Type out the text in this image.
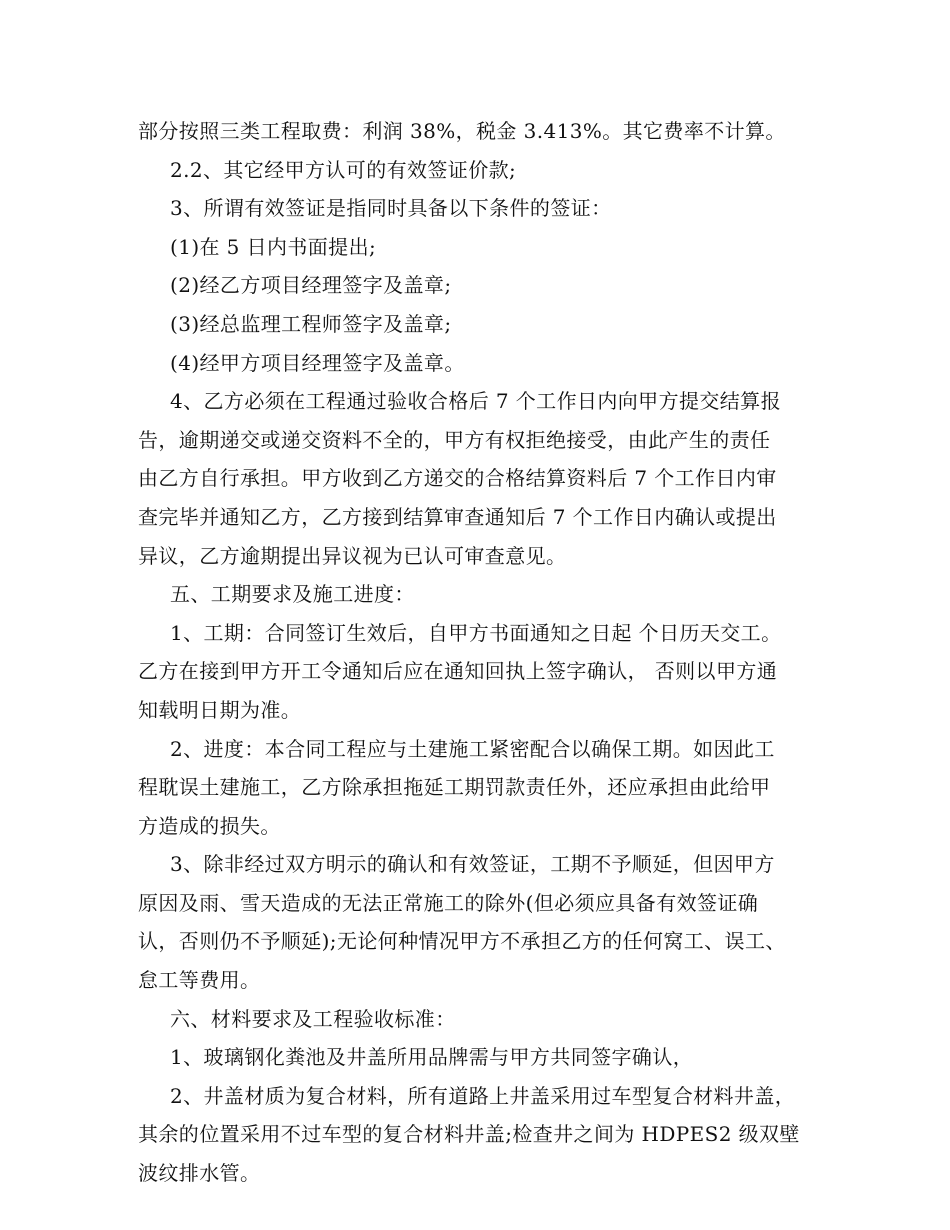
部分按照三类工程取费：利润 38%，税金 3.413%。其它费率不计算。
2.2、其它经甲方认可的有效签证价款;
3、所谓有效签证是指同时具备以下条件的签证：
(1)在 5 日内书面提出;
(2)经乙方项目经理签字及盖章;
(3)经总监理工程师签字及盖章;
(4)经甲方项目经理签字及盖章。
4、乙方必须在工程通过验收合格后 7 个工作日内向甲方提交结算报
告，逾期递交或递交资料不全的，甲方有权拒绝接受，由此产生的责任
由乙方自行承担。甲方收到乙方递交的合格结算资料后 7 个工作日内审
查完毕并通知乙方，乙方接到结算审查通知后 7 个工作日内确认或提出
异议，乙方逾期提出异议视为已认可审查意见。
五、工期要求及施工进度：
1、工期：合同签订生效后，自甲方书面通知之日起 个日历天交工。
乙方在接到甲方开工令通知后应在通知回执上签字确认， 否则以甲方通
知载明日期为准。
2、进度：本合同工程应与土建施工紧密配合以确保工期。如因此工
程耽误土建施工，乙方除承担拖延工期罚款责任外，还应承担由此给甲
方造成的损失。
3、除非经过双方明示的确认和有效签证，工期不予顺延，但因甲方
原因及雨、雪天造成的无法正常施工的除外(但必须应具备有效签证确
认，否则仍不予顺延);无论何种情况甲方不承担乙方的任何窝工、误工、
怠工等费用。
六、材料要求及工程验收标准：
1、玻璃钢化粪池及井盖所用品牌需与甲方共同签字确认，
2、井盖材质为复合材料，所有道路上井盖采用过车型复合材料井盖，
其余的位置采用不过车型的复合材料井盖;检查井之间为 HDPES2 级双壁
波纹排水管。
